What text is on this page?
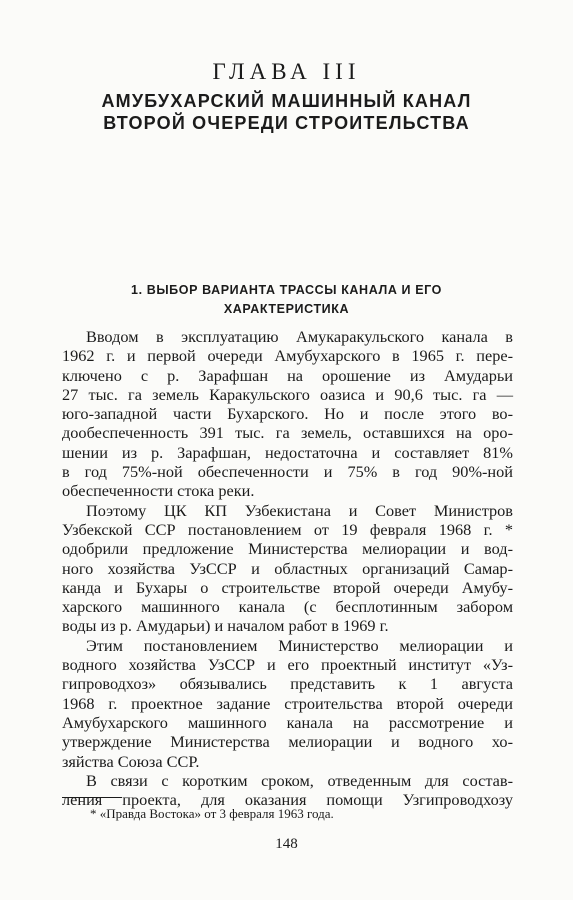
ГЛАВА III
АМУБУХАРСКИЙ МАШИННЫЙ КАНАЛ
ВТОРОЙ ОЧЕРЕДИ СТРОИТЕЛЬСТВА
1. ВЫБОР ВАРИАНТА ТРАССЫ КАНАЛА И ЕГО
ХАРАКТЕРИСТИКА
Вводом в эксплуатацию Амукаракульского канала в
1962 г. и первой очереди Амубухарского в 1965 г. пере-
ключено с р. Зарафшан на орошение из Амударьи
27 тыс. га земель Каракульского оазиса и 90,6 тыс. га —
юго-западной части Бухарского. Но и после этого во-
дообеспеченность 391 тыс. га земель, оставшихся на оро-
шении из р. Зарафшан, недостаточна и составляет 81%
в год 75%-ной обеспеченности и 75% в год 90%-ной
обеспеченности стока реки.
Поэтому ЦК КП Узбекистана и Совет Министров
Узбекской ССР постановлением от 19 февраля 1968 г. *
одобрили предложение Министерства мелиорации и вод-
ного хозяйства УзССР и областных организаций Самар-
канда и Бухары о строительстве второй очереди Амубу-
харского машинного канала (с бесплотинным забором
воды из р. Амударьи) и началом работ в 1969 г.
Этим постановлением Министерство мелиорации и
водного хозяйства УзССР и его проектный институт «Уз-
гипроводхоз» обязывались представить к 1 августа
1968 г. проектное задание строительства второй очереди
Амубухарского машинного канала на рассмотрение и
утверждение Министерства мелиорации и водного хо-
зяйства Союза ССР.
В связи с коротким сроком, отведенным для состав-
ления проекта, для оказания помощи Узгипроводхозу
* «Правда Востока» от 3 февраля 1963 года.
148
